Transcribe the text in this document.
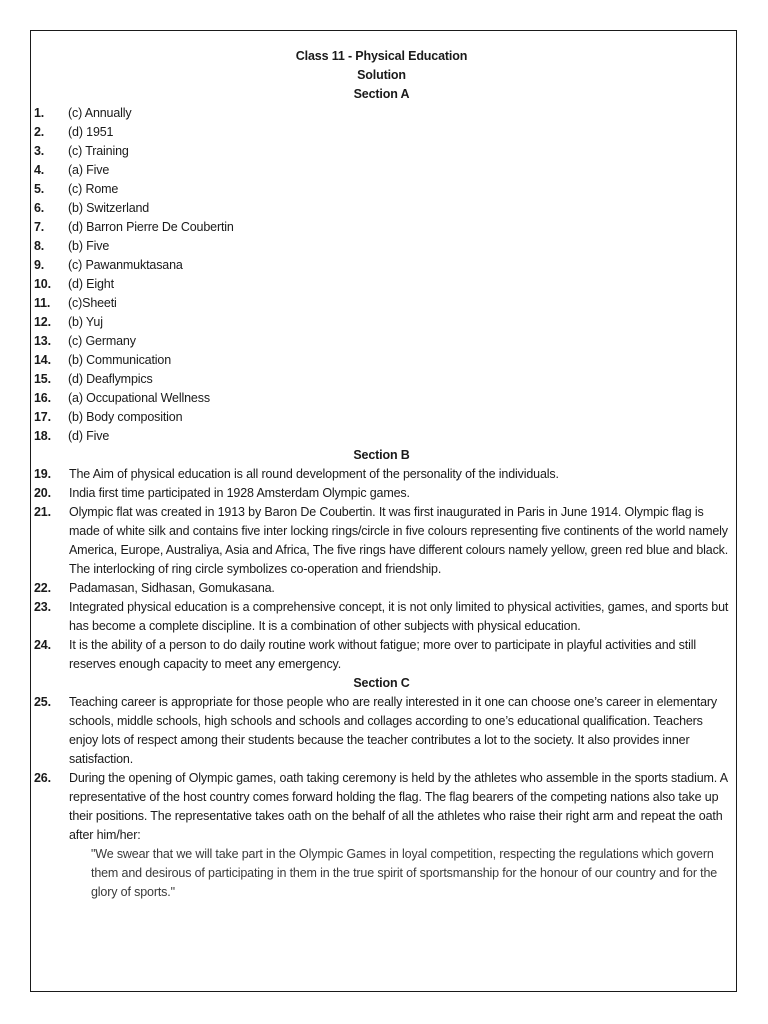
Class 11 - Physical Education
Solution
Section A
1.	(c) Annually
2.	(d) 1951
3.	(c) Training
4.	(a) Five
5.	(c) Rome
6.	(b) Switzerland
7.	(d) Barron Pierre De Coubertin
8.	(b) Five
9.	(c) Pawanmuktasana
10.	(d) Eight
11.	(c)Sheeti
12.	(b) Yuj
13.	(c) Germany
14.	(b) Communication
15.	(d) Deaflympics
16.	(a) Occupational Wellness
17.	(b) Body composition
18.	(d) Five
Section B
19.	The Aim of physical education is all round development of the personality of the individuals.
20.	India first time participated in 1928 Amsterdam Olympic games.
21.	Olympic flat was created in 1913 by Baron De Coubertin. It was first inaugurated in Paris in June 1914. Olympic flag is made of white silk and contains five inter locking rings/circle in five colours representing five continents of the world namely America, Europe, Australiya, Asia and Africa, The five rings have different colours namely yellow, green red blue and black. The interlocking of ring circle symbolizes co-operation and friendship.
22.	Padamasan, Sidhasan, Gomukasana.
23.	Integrated physical education is a comprehensive concept, it is not only limited to physical activities, games, and sports but has become a complete discipline. It is a combination of other subjects with physical education.
24.	It is the ability of a person to do daily routine work without fatigue; more over to participate in playful activities and still reserves enough capacity to meet any emergency.
Section C
25.	Teaching career is appropriate for those people who are really interested in it one can choose one’s career in elementary schools, middle schools, high schools and schools and collages according to one’s educational qualification. Teachers enjoy lots of respect among their students because the teacher contributes a lot to the society. It also provides inner satisfaction.
26.	During the opening of Olympic games, oath taking ceremony is held by the athletes who assemble in the sports stadium. A representative of the host country comes forward holding the flag. The flag bearers of the competing nations also take up their positions. The representative takes oath on the behalf of all the athletes who raise their right arm and repeat the oath after him/her:
"We swear that we will take part in the Olympic Games in loyal competition, respecting the regulations which govern them and desirous of participating in them in the true spirit of sportsmanship for the honour of our country and for the glory of sports."
